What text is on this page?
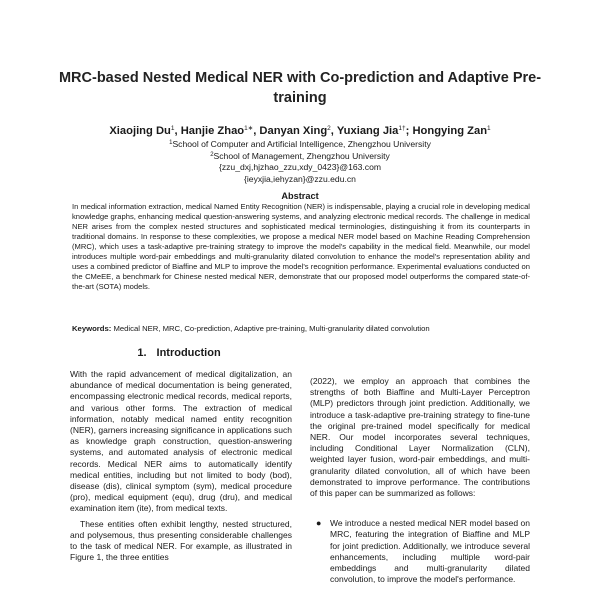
MRC-based Nested Medical NER with Co-prediction and Adaptive Pre-training
Xiaojing Du$^1$, Hanjie Zhao$^{1∗}$, Danyan Xing$^2$, Yuxiang Jia$^{1\dagger}$; Hongying Zan$^1$
$^1$School of Computer and Artificial Intelligence, Zhengzhou University
$^2$School of Management, Zhengzhou University
{zzu_dxj,hjzhao_zzu,xdy_0423}@163.com
{ieyxjia,iehyzan}@zzu.edu.cn
Abstract
In medical information extraction, medical Named Entity Recognition (NER) is indispensable, playing a crucial role in developing medical knowledge graphs, enhancing medical question-answering systems, and analyzing electronic medical records. The challenge in medical NER arises from the complex nested structures and sophisticated medical terminologies, distinguishing it from its counterparts in traditional domains. In response to these complexities, we propose a medical NER model based on Machine Reading Comprehension (MRC), which uses a task-adaptive pre-training strategy to improve the model's capability in the medical field. Meanwhile, our model introduces multiple word-pair embeddings and multi-granularity dilated convolution to enhance the model's representation ability and uses a combined predictor of Biaffine and MLP to improve the model's recognition performance. Experimental evaluations conducted on the CMeEE, a benchmark for Chinese nested medical NER, demonstrate that our proposed model outperforms the compared state-of-the-art (SOTA) models.
Keywords: Medical NER, MRC, Co-prediction, Adaptive pre-training, Multi-granularity dilated convolution
1. Introduction

With the rapid advancement of medical digitalization, an abundance of medical documentation is being generated, encompassing electronic medical records, medical reports, and various other forms. The extraction of medical information, notably medical named entity recognition (NER), garners increasing significance in applications such as knowledge graph construction, question-answering systems, and automated analysis of electronic medical records. Medical NER aims to automatically identify medical entities, including but not limited to body (bod), disease (dis), clinical symptom (sym), medical procedure (pro), medical equipment (equ), drug (dru), and medical examination item (ite), from medical texts.

These entities often exhibit lengthy, nested structured, and polysemous, thus presenting considerable challenges to the task of medical NER. For example, as illustrated in Figure 1, the three entities

(2022), we employ an approach that combines the strengths of both Biaffine and Multi-Layer Perceptron (MLP) predictors through joint prediction. Additionally, we introduce a task-adaptive pre-training strategy to fine-tune the original pre-trained model specifically for medical NER. Our model incorporates several techniques, including Conditional Layer Normalization (CLN), weighted layer fusion, word-pair embeddings, and multi-granularity dilated convolution, all of which have been demonstrated to improve performance. The contributions of this paper can be summarized as follows:

● We introduce a nested medical NER model based on MRC, featuring the integration of Biaffine and MLP for joint prediction. Additionally, we introduce several enhancements, including multiple word-pair embeddings and multi-granularity dilated convolution, to improve the model's performance.
